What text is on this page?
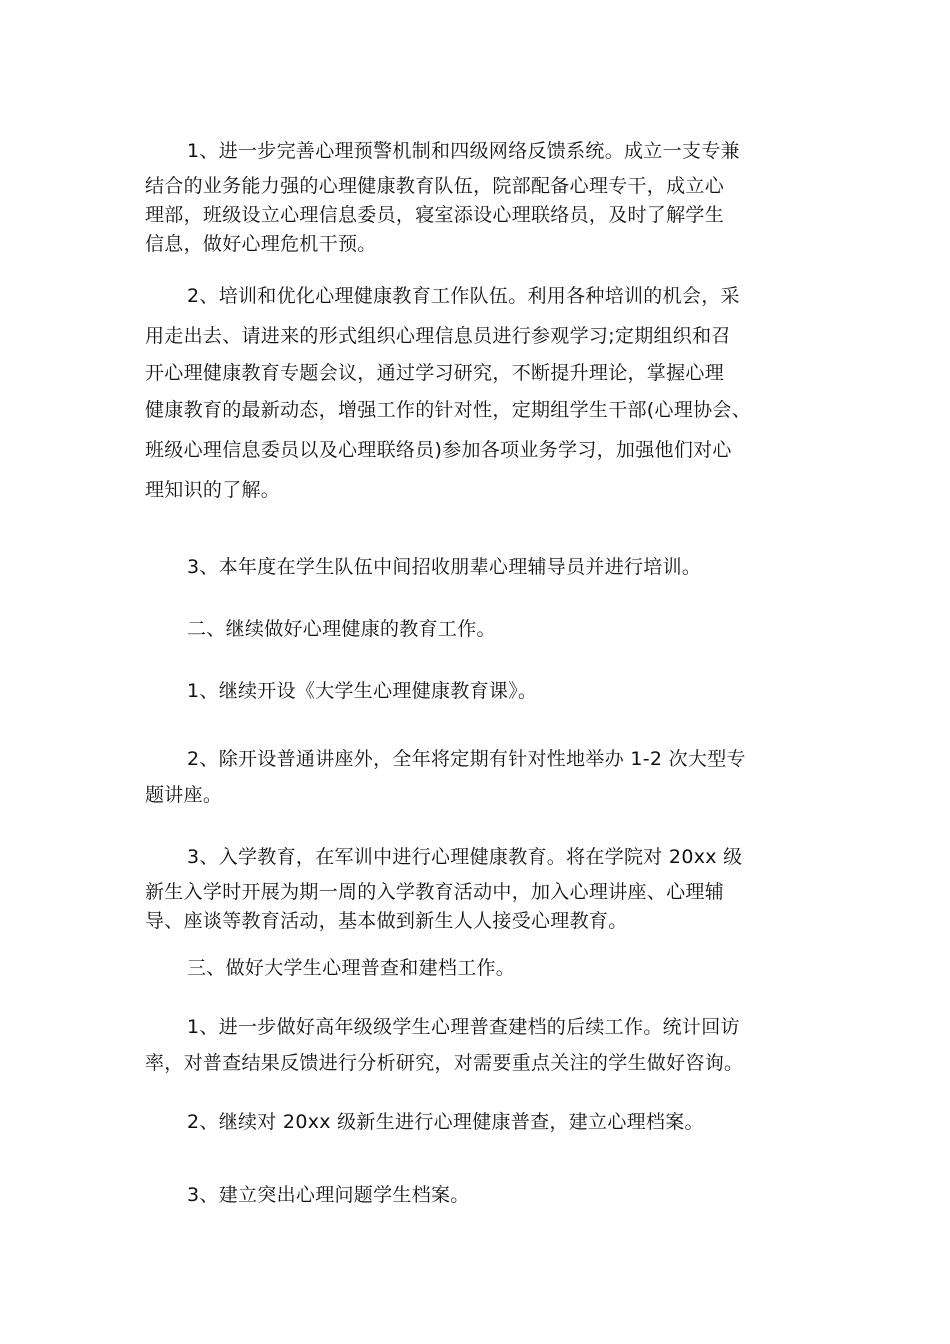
1、进一步完善心理预警机制和四级网络反馈系统。成立一支专兼
结合的业务能力强的心理健康教育队伍，院部配备心理专干，成立心
理部，班级设立心理信息委员，寝室添设心理联络员，及时了解学生
信息，做好心理危机干预。
2、培训和优化心理健康教育工作队伍。利用各种培训的机会，采
用走出去、请进来的形式组织心理信息员进行参观学习;定期组织和召
开心理健康教育专题会议，通过学习研究，不断提升理论，掌握心理
健康教育的最新动态，增强工作的针对性，定期组学生干部(心理协会、
班级心理信息委员以及心理联络员)参加各项业务学习，加强他们对心
理知识的了解。
3、本年度在学生队伍中间招收朋辈心理辅导员并进行培训。
二、继续做好心理健康的教育工作。
1、继续开设《大学生心理健康教育课》。
2、除开设普通讲座外，全年将定期有针对性地举办 1-2 次大型专
题讲座。
3、入学教育，在军训中进行心理健康教育。将在学院对 20xx 级
新生入学时开展为期一周的入学教育活动中，加入心理讲座、心理辅
导、座谈等教育活动，基本做到新生人人接受心理教育。
三、做好大学生心理普查和建档工作。
1、进一步做好高年级级学生心理普查建档的后续工作。统计回访
率，对普查结果反馈进行分析研究，对需要重点关注的学生做好咨询。
2、继续对 20xx 级新生进行心理健康普查，建立心理档案。
3、建立突出心理问题学生档案。
